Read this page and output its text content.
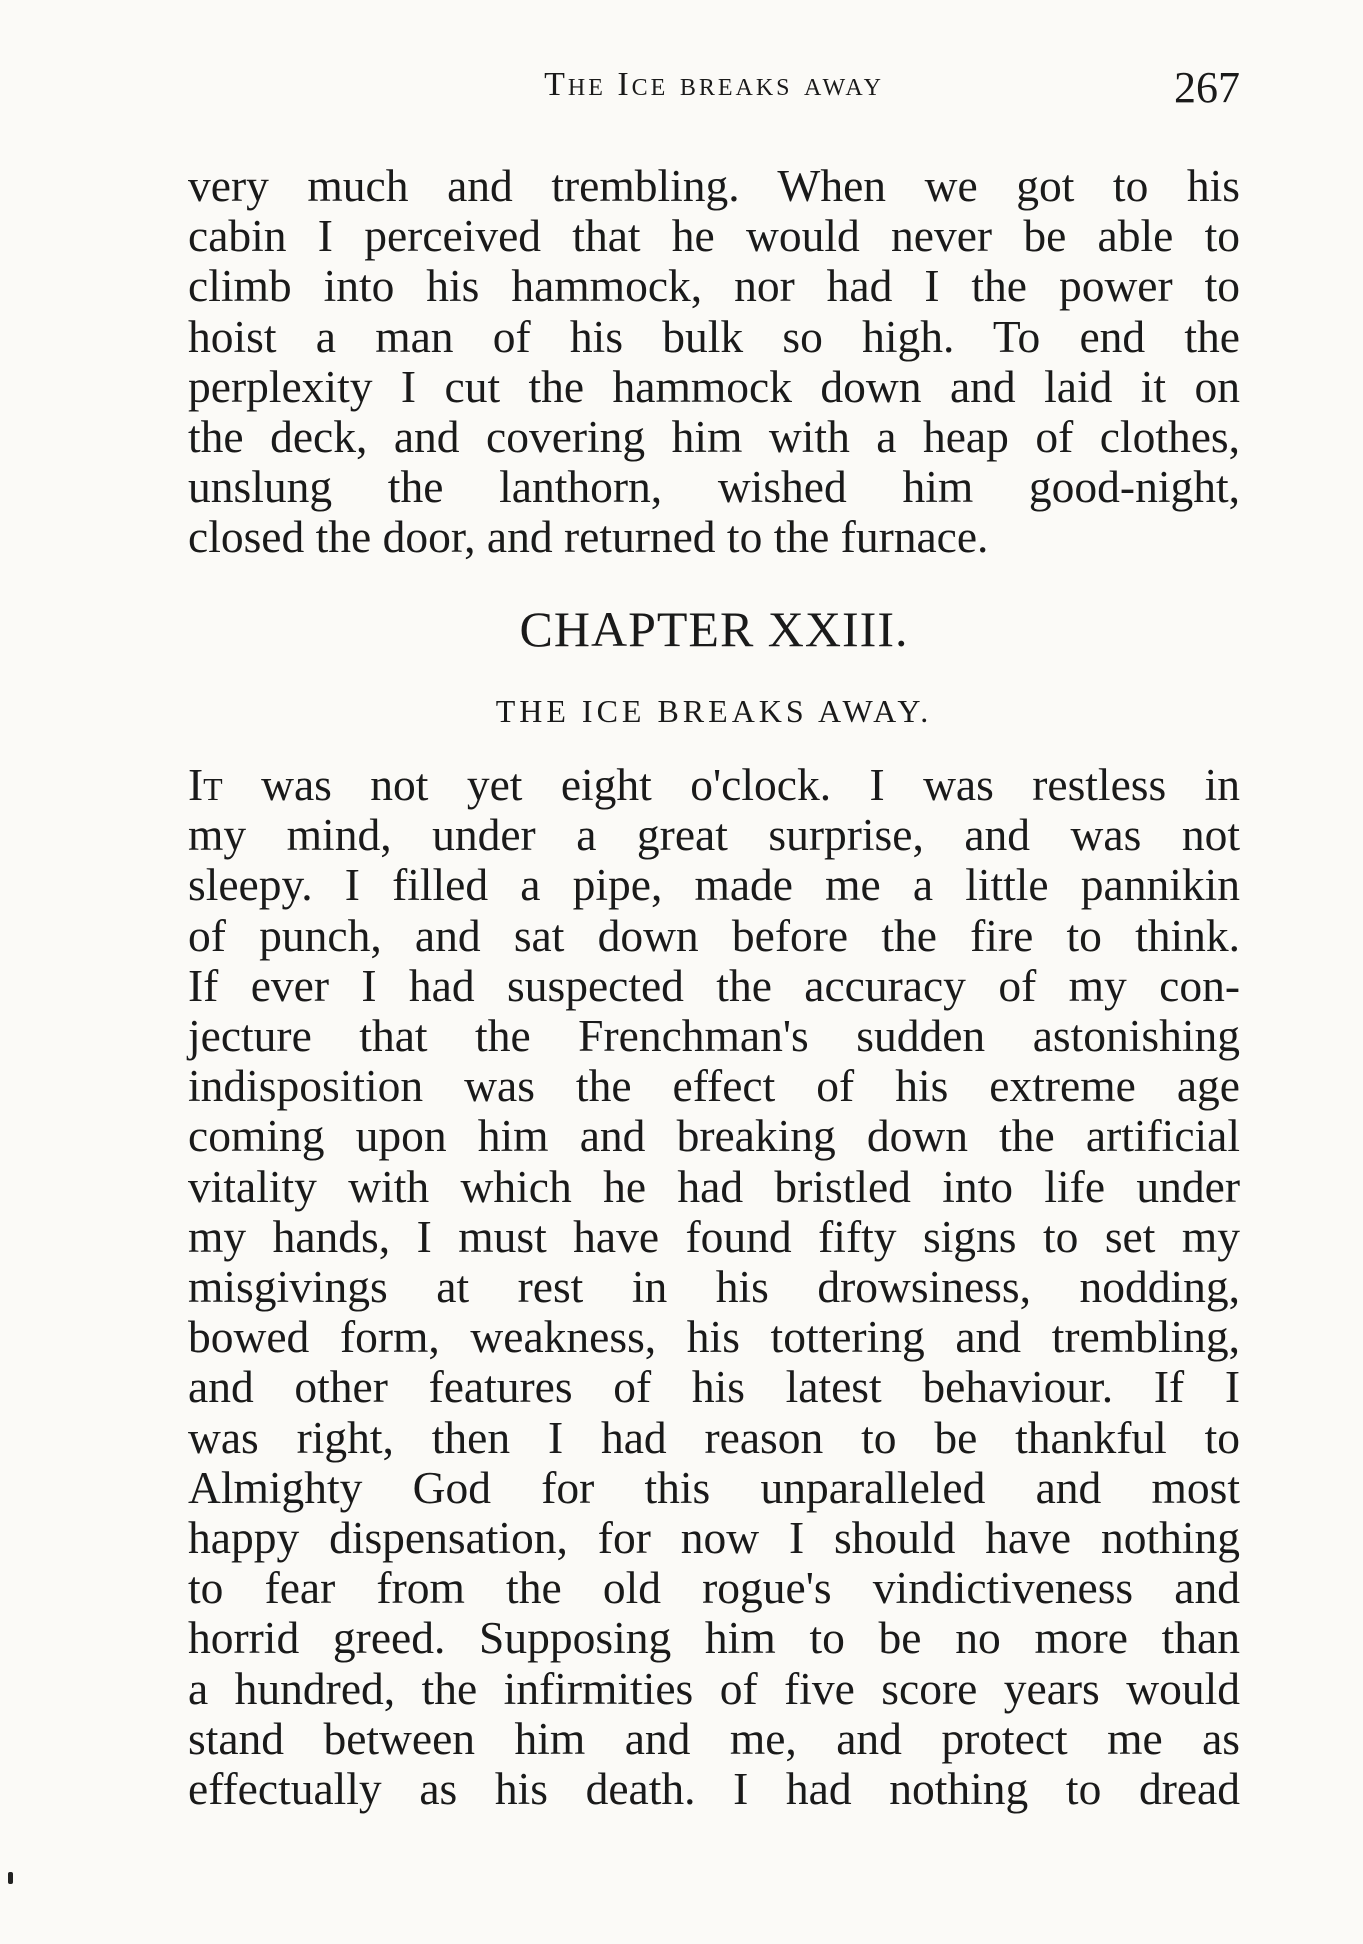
The Ice breaks away	267
very much and trembling. When we got to his
cabin I perceived that he would never be able to
climb into his hammock, nor had I the power to
hoist a man of his bulk so high. To end the
perplexity I cut the hammock down and laid it on
the deck, and covering him with a heap of clothes,
unslung the lanthorn, wished him good-night,
closed the door, and returned to the furnace.
CHAPTER XXIII.
THE ICE BREAKS AWAY.
It was not yet eight o'clock. I was restless in
my mind, under a great surprise, and was not
sleepy. I filled a pipe, made me a little pannikin
of punch, and sat down before the fire to think.
If ever I had suspected the accuracy of my con-
jecture that the Frenchman's sudden astonishing
indisposition was the effect of his extreme age
coming upon him and breaking down the artificial
vitality with which he had bristled into life under
my hands, I must have found fifty signs to set my
misgivings at rest in his drowsiness, nodding,
bowed form, weakness, his tottering and trembling,
and other features of his latest behaviour. If I
was right, then I had reason to be thankful to
Almighty God for this unparalleled and most
happy dispensation, for now I should have nothing
to fear from the old rogue's vindictiveness and
horrid greed. Supposing him to be no more than
a hundred, the infirmities of five score years would
stand between him and me, and protect me as
effectually as his death. I had nothing to dread
